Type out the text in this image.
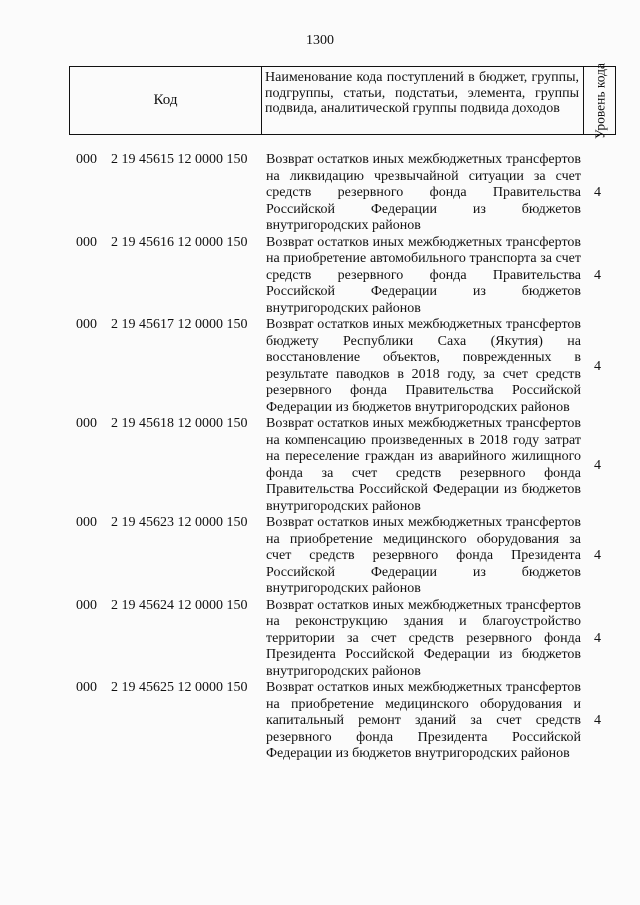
1300
Код
Наименование кода поступлений в бюджет, группы, подгруппы, статьи, подстатьи, элемента, группы подвида, аналитической группы подвида доходов	Уровень кода
000 2 19 45615 12 0000 150 Возврат остатков иных межбюджетных трансфертов на ликвидацию чрезвычайной ситуации за счет средств резервного фонда Правительства Российской Федерации из бюджетов внутригородских районов
4
000 2 19 45616 12 0000 150 Возврат остатков иных межбюджетных трансфертов на приобретение автомобильного транспорта за счет средств резервного фонда Правительства Российской Федерации из бюджетов внутригородских районов
4
000 2 19 45617 12 0000 150 Возврат остатков иных межбюджетных трансфертов бюджету Республики Саха (Якутия) на восстановление объектов, поврежденных в результате паводков в 2018 году, за счет средств резервного фонда Правительства Российской Федерации из бюджетов внутригородских районов
4
000 2 19 45618 12 0000 150 Возврат остатков иных межбюджетных трансфертов на компенсацию произведенных в 2018 году затрат на переселение граждан из аварийного жилищного фонда за счет средств резервного фонда Правительства Российской Федерации из бюджетов внутригородских районов
4
000 2 19 45623 12 0000 150 Возврат остатков иных межбюджетных трансфертов на приобретение медицинского оборудования за счет средств резервного фонда Президента Российской Федерации из бюджетов внутригородских районов
4
000 2 19 45624 12 0000 150 Возврат остатков иных межбюджетных трансфертов на реконструкцию здания и благоустройство территории за счет средств резервного фонда Президента Российской Федерации из бюджетов внутригородских районов
4
000 2 19 45625 12 0000 150 Возврат остатков иных межбюджетных трансфертов на приобретение медицинского оборудования и капитальный ремонт зданий за счет средств резервного фонда Президента Российской Федерации из бюджетов внутригородских районов
4
